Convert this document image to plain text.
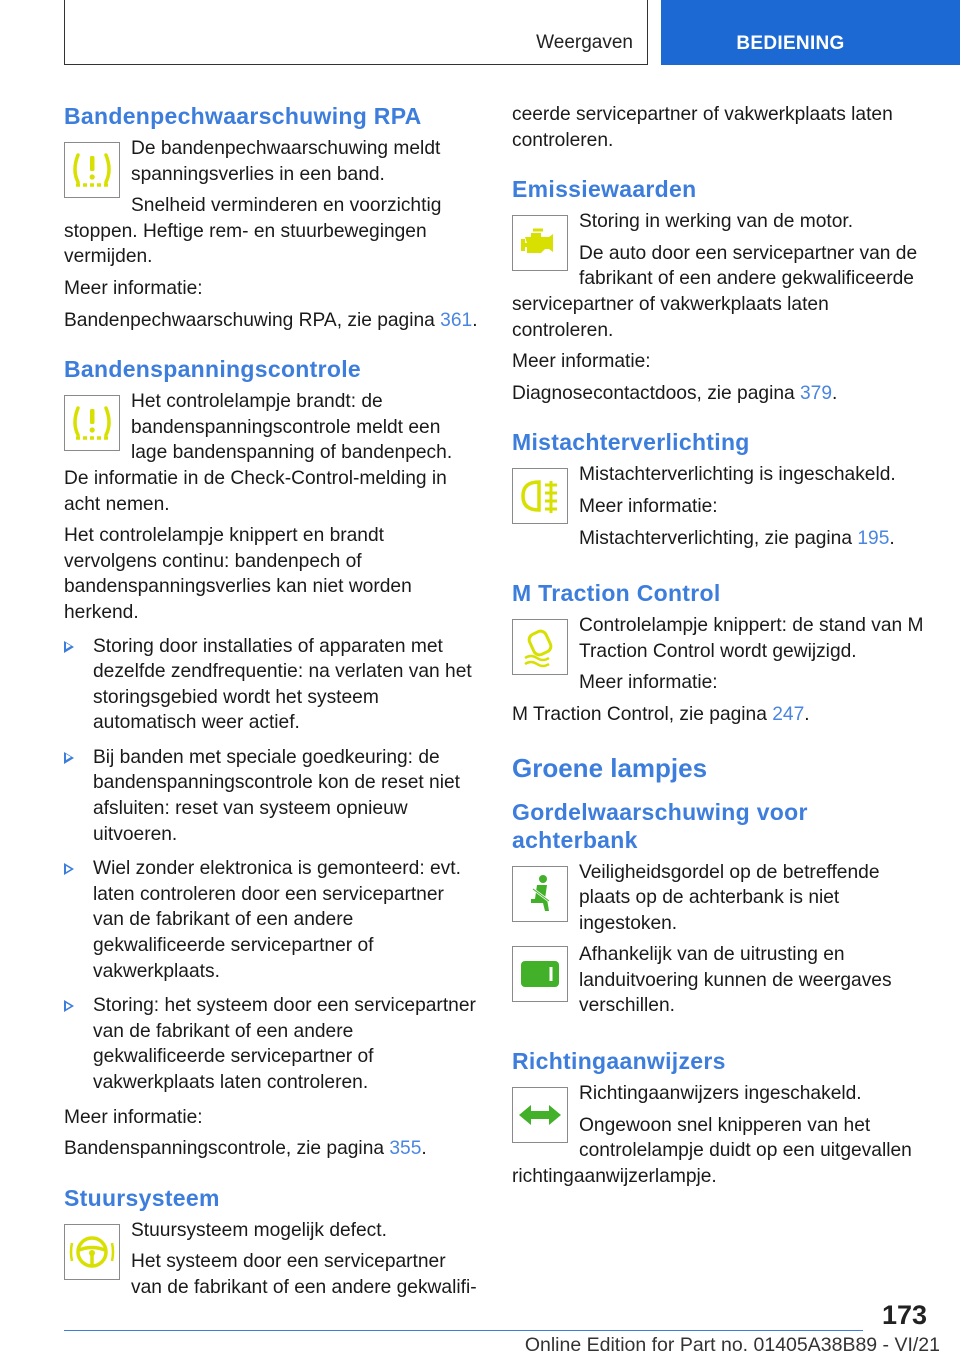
Weergaven	BEDIENING
Bandenpechwaarschuwing RPA

De bandenpechwaarschuwing meldt spanningsverlies in een band.

Snelheid verminderen en voorzichtig stoppen. Heftige rem- en stuurbewegingen vermijden.

Meer informatie:

Bandenpechwaarschuwing RPA, zie pagina 361.

Bandenspanningscontrole

Het controlelampje brandt: de bandenspanningscontrole meldt een lage bandenspanning of bandenpech. De informatie in de Check-Control-melding in acht nemen.

Het controlelampje knippert en brandt vervolgens continu: bandenpech of bandenspanningsverlies kan niet worden herkend.

Storing door installaties of apparaten met dezelfde zendfrequentie: na verlaten van het storingsgebied wordt het systeem automatisch weer actief.
Bij banden met speciale goedkeuring: de bandenspanningscontrole kon de reset niet afsluiten: reset van systeem opnieuw uitvoeren.
Wiel zonder elektronica is gemonteerd: evt. laten controleren door een servicepartner van de fabrikant of een andere gekwalificeerde servicepartner of vakwerkplaats.
Storing: het systeem door een servicepartner van de fabrikant of een andere gekwalificeerde servicepartner of vakwerkplaats laten controleren.

Meer informatie:

Bandenspanningscontrole, zie pagina 355.

Stuursysteem

Stuursysteem mogelijk defect.

Het systeem door een servicepartner van de fabrikant of een andere gekwalifi-

ceerde servicepartner of vakwerkplaats laten controleren.

Emissiewaarden

Storing in werking van de motor.

De auto door een servicepartner van de fabrikant of een andere gekwalificeerde servicepartner of vakwerkplaats laten controleren.

Meer informatie:

Diagnosecontactdoos, zie pagina 379.

Mistachterverlichting

Mistachterverlichting is ingeschakeld.

Meer informatie:

Mistachterverlichting, zie pagina 195.

M Traction Control

Controlelampje knippert: de stand van M Traction Control wordt gewijzigd.

Meer informatie:

M Traction Control, zie pagina 247.

Groene lampjes
Gordelwaarschuwing voor achterbank

Veiligheidsgordel op de betreffende plaats op de achterbank is niet ingestoken.

Afhankelijk van de uitrusting en landuitvoering kunnen de weergaves verschillen.

Richtingaanwijzers

Richtingaanwijzers ingeschakeld.

Ongewoon snel knipperen van het controlelampje duidt op een uitgevallen richtingaanwijzerlampje.

173
Online Edition for Part no. 01405A38B89 - VI/21
